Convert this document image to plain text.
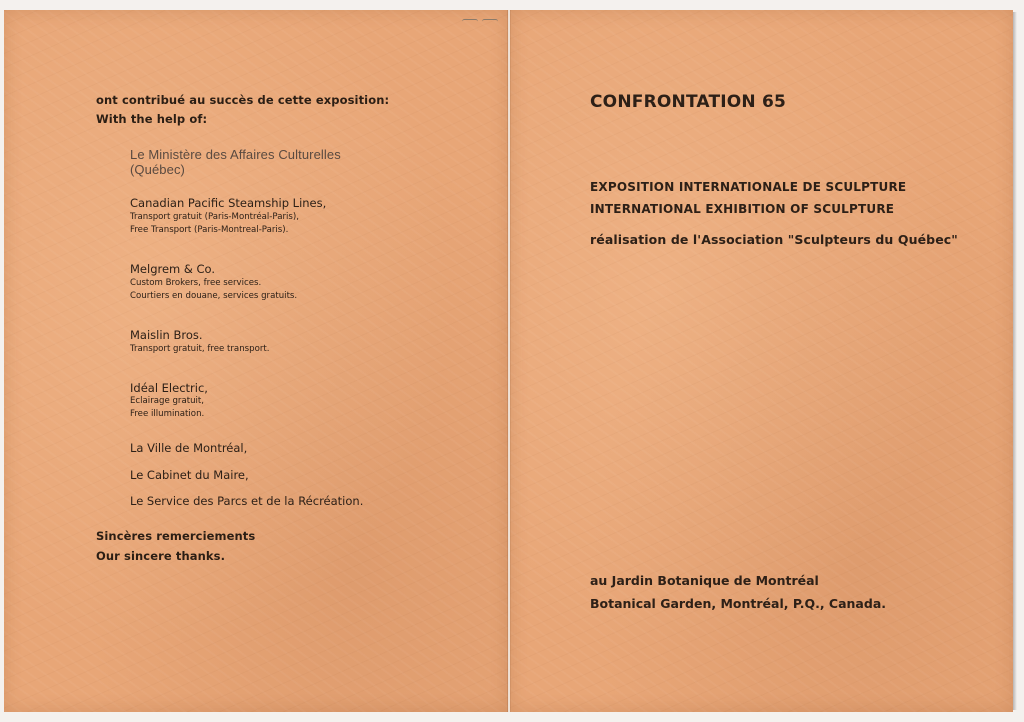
ont contribué au succès de cette exposition:
With the help of:
Le Ministère des Affaires Culturelles
(Québec)
Canadian Pacific Steamship Lines,
Transport gratuit (Paris-Montréal-Paris),
Free Transport (Paris-Montreal-Paris).
Melgrem & Co.
Custom Brokers, free services.
Courtiers en douane, services gratuits.
Maislin Bros.
Transport gratuit, free transport.
Idéal Electric,
Eclairage gratuit,
Free illumination.
La Ville de Montréal,
Le Cabinet du Maire,
Le Service des Parcs et de la Récréation.
Sincères remerciements
Our sincere thanks.
CONFRONTATION 65
EXPOSITION INTERNATIONALE DE SCULPTURE
INTERNATIONAL EXHIBITION OF SCULPTURE
réalisation de l'Association "Sculpteurs du Québec"
au Jardin Botanique de Montréal
Botanical Garden, Montréal, P.Q., Canada.
